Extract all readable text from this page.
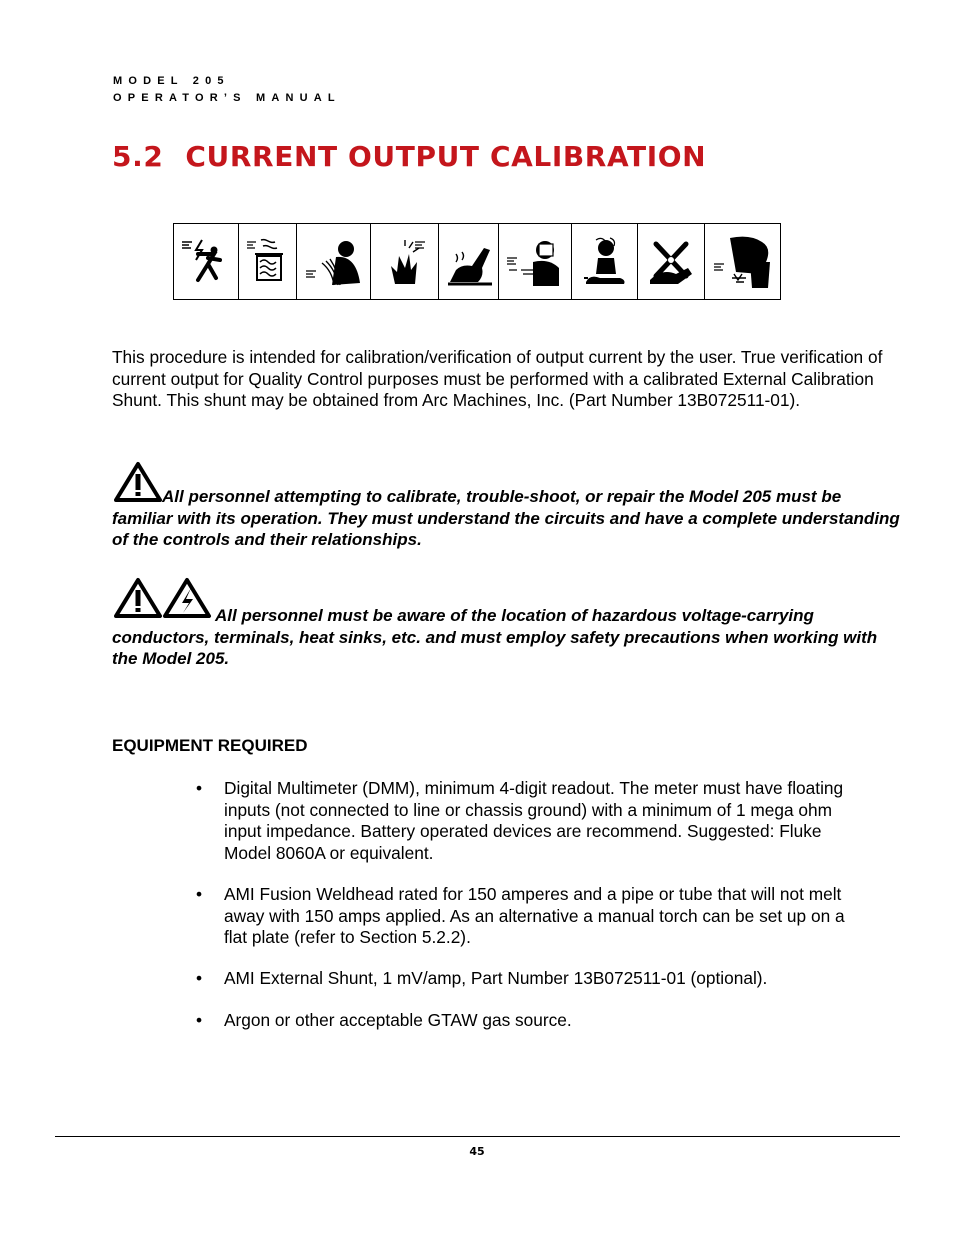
MODEL 205
OPERATOR’S MANUAL
5.2 CURRENT OUTPUT CALIBRATION

This procedure is intended for calibration/verification of output current by the user. True verification of current output for Quality Control purposes must be performed with a calibrated External Calibration Shunt. This shunt may be obtained from Arc Machines, Inc. (Part Number 13B072511-01).

All personnel attempting to calibrate, trouble-shoot, or repair the Model 205 must be familiar with its operation. They must understand the circuits and have a complete understanding of the controls and their relationships.

All personnel must be aware of the location of hazardous voltage-carrying conductors, terminals, heat sinks, etc. and must employ safety precautions when working with the Model 205.

EQUIPMENT REQUIRED
•	Digital Multimeter (DMM), minimum 4-digit readout. The meter must have floating inputs (not connected to line or chassis ground) with a minimum of 1 mega ohm input impedance. Battery operated devices are recommend. Suggested: Fluke Model 8060A or equivalent.
•	AMI Fusion Weldhead rated for 150 amperes and a pipe or tube that will not melt away with 150 amps applied. As an alternative a manual torch can be set up on a flat plate (refer to Section 5.2.2).
•	AMI External Shunt, 1 mV/amp, Part Number 13B072511-01 (optional).
•	Argon or other acceptable GTAW gas source.
45
